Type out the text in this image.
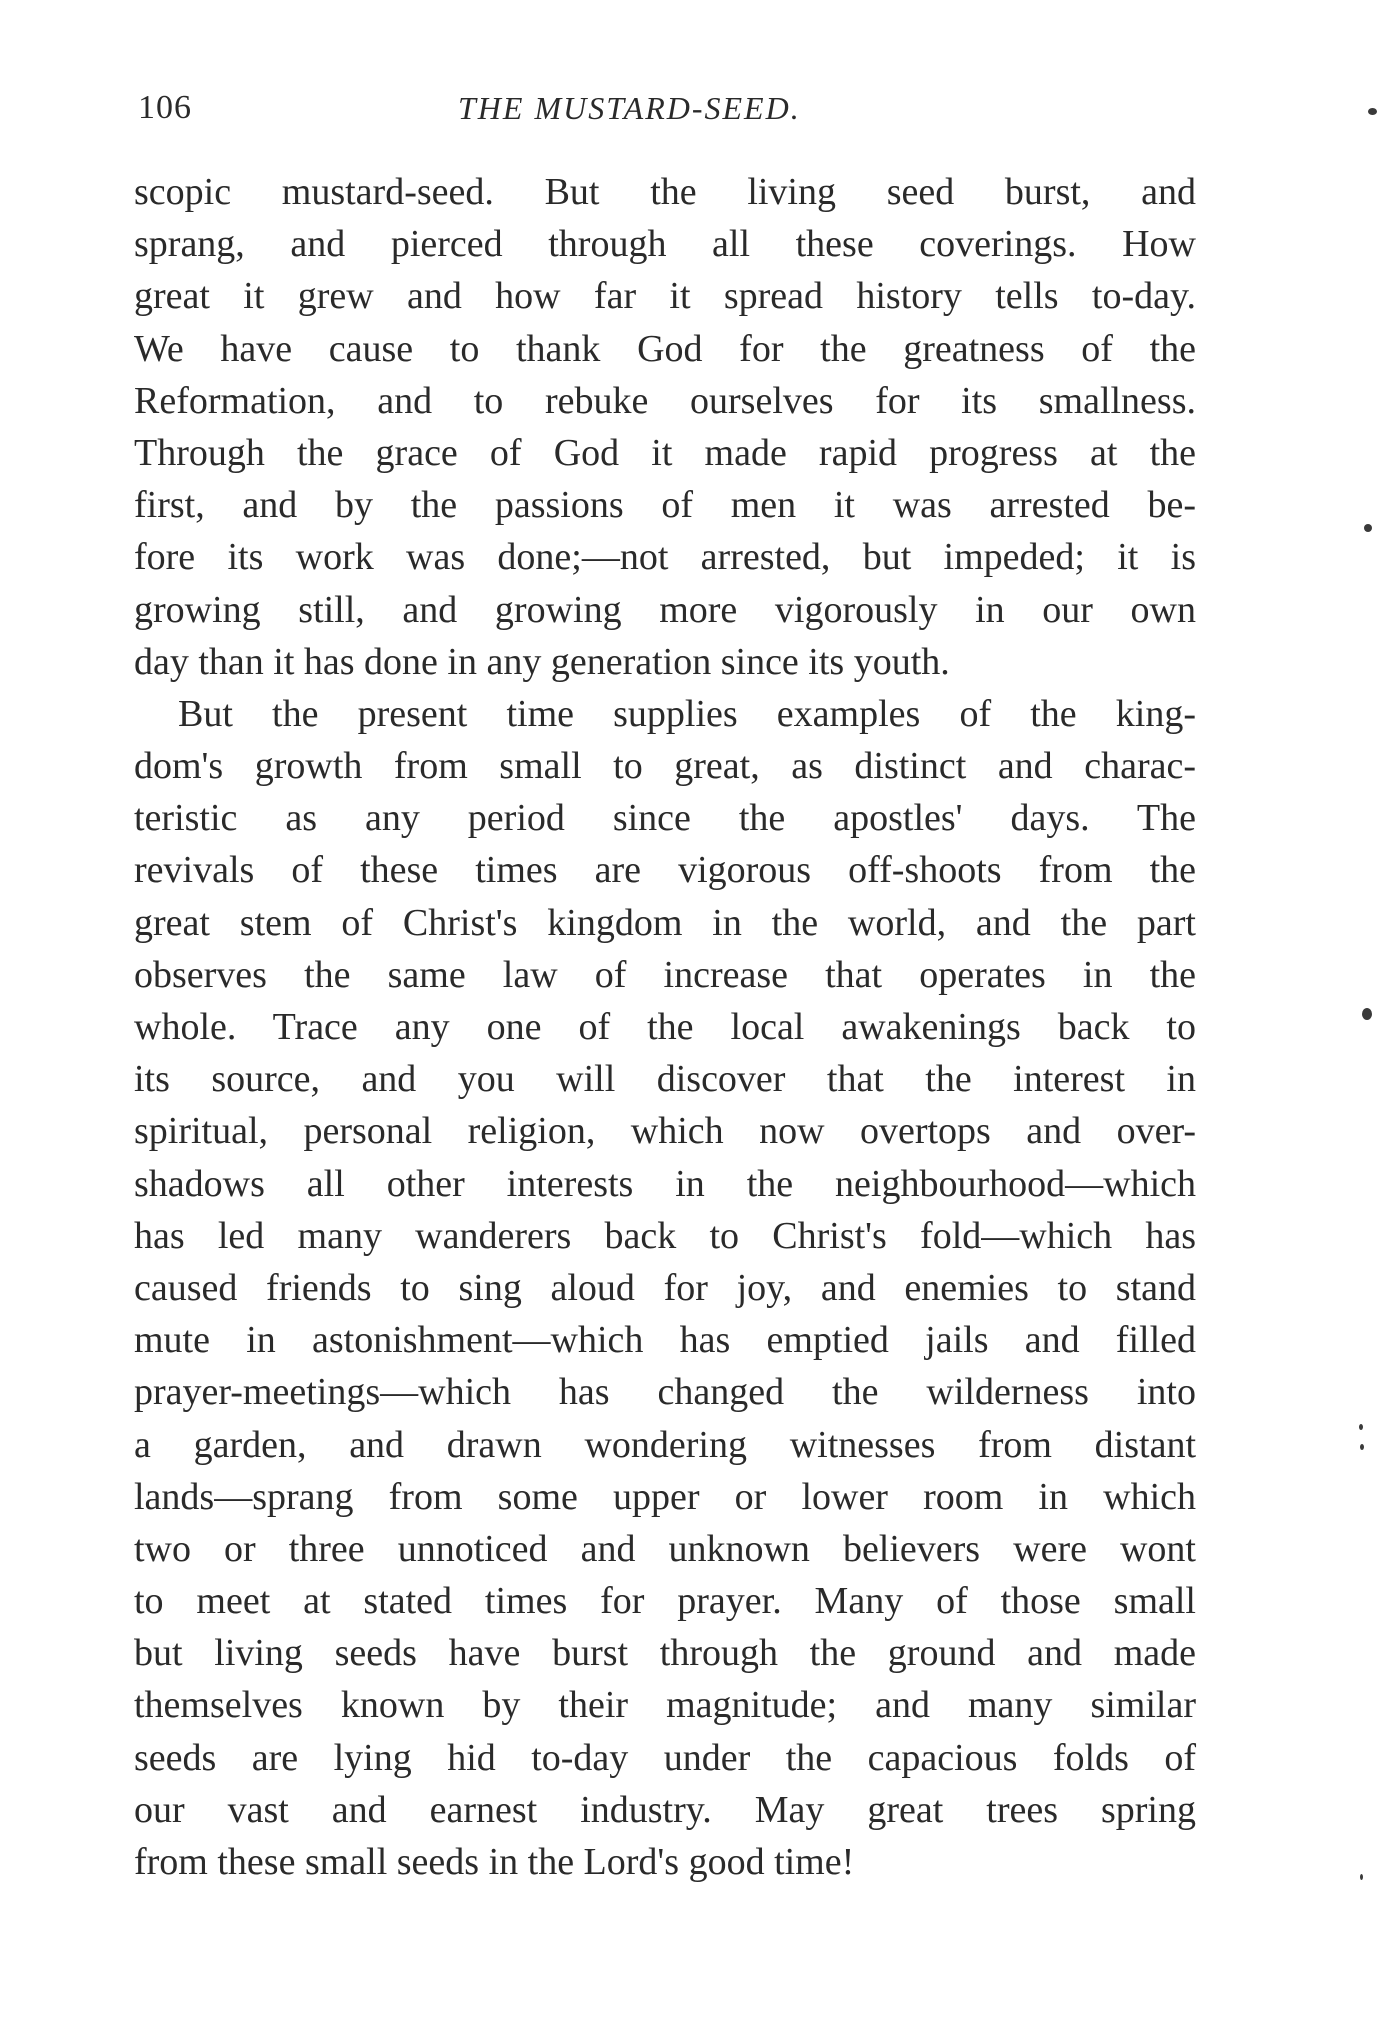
106	THE MUSTARD-SEED.
scopic mustard-seed. But the living seed burst, and
sprang, and pierced through all these coverings. How
great it grew and how far it spread history tells to-day.
We have cause to thank God for the greatness of the
Reformation, and to rebuke ourselves for its smallness.
Through the grace of God it made rapid progress at the
first, and by the passions of men it was arrested be-
fore its work was done;—not arrested, but impeded; it is
growing still, and growing more vigorously in our own
day than it has done in any generation since its youth.
But the present time supplies examples of the king-
dom's growth from small to great, as distinct and charac-
teristic as any period since the apostles' days. The
revivals of these times are vigorous off-shoots from the
great stem of Christ's kingdom in the world, and the part
observes the same law of increase that operates in the
whole. Trace any one of the local awakenings back to
its source, and you will discover that the interest in
spiritual, personal religion, which now overtops and over-
shadows all other interests in the neighbourhood—which
has led many wanderers back to Christ's fold—which has
caused friends to sing aloud for joy, and enemies to stand
mute in astonishment—which has emptied jails and filled
prayer-meetings—which has changed the wilderness into
a garden, and drawn wondering witnesses from distant
lands—sprang from some upper or lower room in which
two or three unnoticed and unknown believers were wont
to meet at stated times for prayer. Many of those small
but living seeds have burst through the ground and made
themselves known by their magnitude; and many similar
seeds are lying hid to-day under the capacious folds of
our vast and earnest industry. May great trees spring
from these small seeds in the Lord's good time!
